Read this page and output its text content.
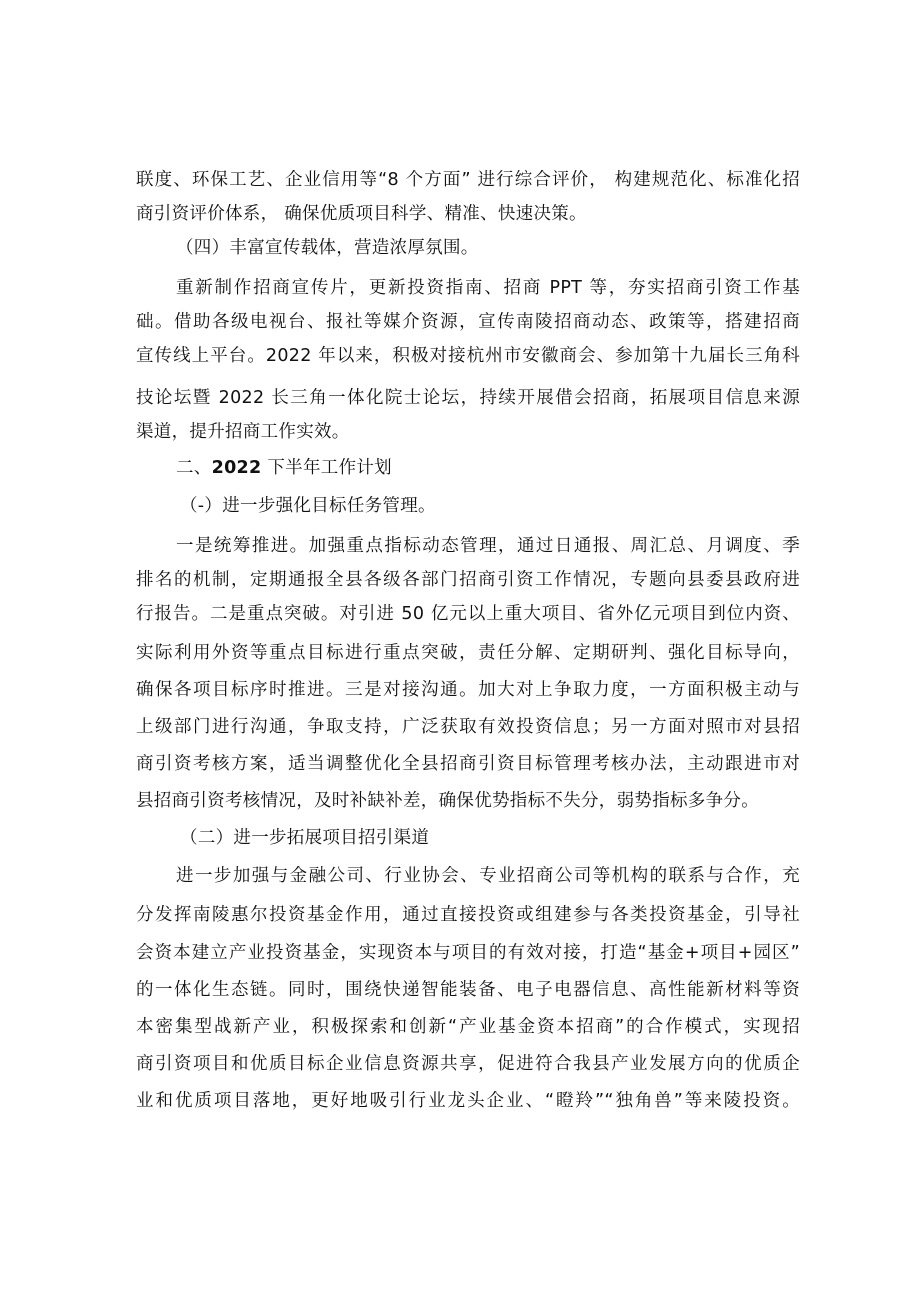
联度、环保工艺、企业信用等“8 个方面” 进行综合评价， 构建规范化、标准化招
商引资评价体系， 确保优质项目科学、精准、快速决策。
（四）丰富宣传载体，营造浓厚氛围。
重新制作招商宣传片，更新投资指南、招商 PPT 等，夯实招商引资工作基
础。借助各级电视台、报社等媒介资源，宣传南陵招商动态、政策等，搭建招商
宣传线上平台。2022 年以来，积极对接杭州市安徽商会、参加第十九届长三角科
技论坛暨 2022 长三角一体化院士论坛，持续开展借会招商，拓展项目信息来源
渠道，提升招商工作实效。
二、2022 下半年工作计划
（-）进一步强化目标任务管理。
一是统筹推进。加强重点指标动态管理，通过日通报、周汇总、月调度、季
排名的机制，定期通报全县各级各部门招商引资工作情况，专题向县委县政府进
行报告。二是重点突破。对引进 50 亿元以上重大项目、省外亿元项目到位内资、
实际利用外资等重点目标进行重点突破，责任分解、定期研判、强化目标导向，
确保各项目标序时推进。三是对接沟通。加大对上争取力度，一方面积极主动与
上级部门进行沟通，争取支持，广泛获取有效投资信息；另一方面对照市对县招
商引资考核方案，适当调整优化全县招商引资目标管理考核办法，主动跟进市对
县招商引资考核情况，及时补缺补差，确保优势指标不失分，弱势指标多争分。
（二）进一步拓展项目招引渠道
进一步加强与金融公司、行业协会、专业招商公司等机构的联系与合作，充
分发挥南陵惠尔投资基金作用，通过直接投资或组建参与各类投资基金，引导社
会资本建立产业投资基金，实现资本与项目的有效对接，打造“基金+项目+园区”
的一体化生态链。同时，围绕快递智能装备、电子电器信息、高性能新材料等资
本密集型战新产业，积极探索和创新“产业基金资本招商”的合作模式，实现招
商引资项目和优质目标企业信息资源共享，促进符合我县产业发展方向的优质企
业和优质项目落地，更好地吸引行业龙头企业、“瞪羚”“独角兽”等来陵投资。
